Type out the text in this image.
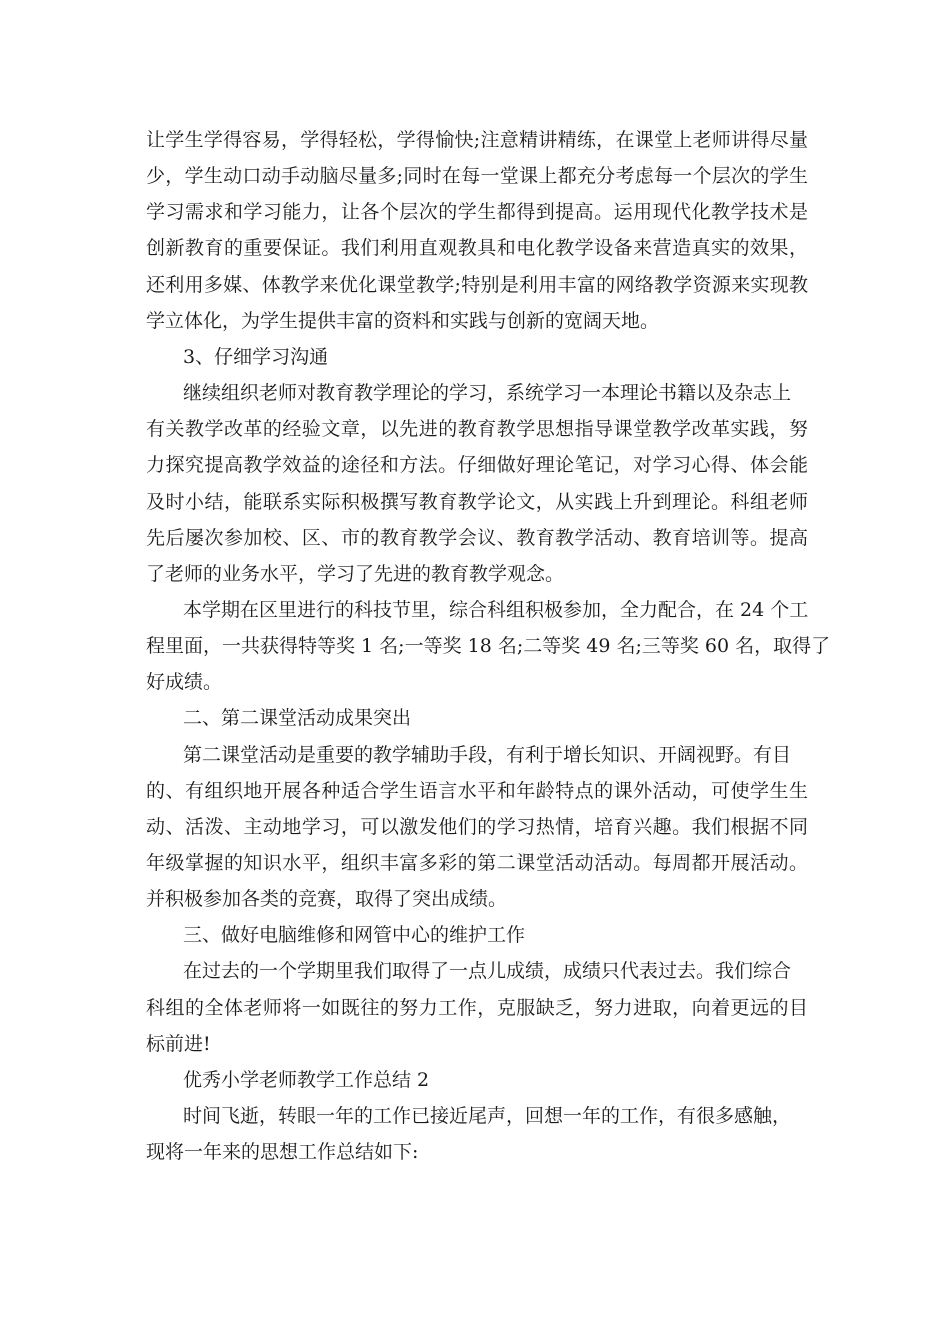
让学生学得容易，学得轻松，学得愉快;注意精讲精练，在课堂上老师讲得尽量
少，学生动口动手动脑尽量多;同时在每一堂课上都充分考虑每一个层次的学生
学习需求和学习能力，让各个层次的学生都得到提高。运用现代化教学技术是
创新教育的重要保证。我们利用直观教具和电化教学设备来营造真实的效果，
还利用多媒、体教学来优化课堂教学;特别是利用丰富的网络教学资源来实现教
学立体化，为学生提供丰富的资料和实践与创新的宽阔天地。
3、仔细学习沟通
继续组织老师对教育教学理论的学习，系统学习一本理论书籍以及杂志上
有关教学改革的经验文章，以先进的教育教学思想指导课堂教学改革实践，努
力探究提高教学效益的途径和方法。仔细做好理论笔记，对学习心得、体会能
及时小结，能联系实际积极撰写教育教学论文，从实践上升到理论。科组老师
先后屡次参加校、区、市的教育教学会议、教育教学活动、教育培训等。提高
了老师的业务水平，学习了先进的教育教学观念。
本学期在区里进行的科技节里，综合科组积极参加，全力配合，在 24 个工
程里面，一共获得特等奖 1 名;一等奖 18 名;二等奖 49 名;三等奖 60 名，取得了
好成绩。
二、第二课堂活动成果突出
第二课堂活动是重要的教学辅助手段，有利于增长知识、开阔视野。有目
的、有组织地开展各种适合学生语言水平和年龄特点的课外活动，可使学生生
动、活泼、主动地学习，可以激发他们的学习热情，培育兴趣。我们根据不同
年级掌握的知识水平，组织丰富多彩的第二课堂活动活动。每周都开展活动。
并积极参加各类的竞赛，取得了突出成绩。
三、做好电脑维修和网管中心的维护工作
在过去的一个学期里我们取得了一点儿成绩，成绩只代表过去。我们综合
科组的全体老师将一如既往的努力工作，克服缺乏，努力进取，向着更远的目
标前进!
优秀小学老师教学工作总结 2
时间飞逝，转眼一年的工作已接近尾声，回想一年的工作，有很多感触，
现将一年来的思想工作总结如下:
